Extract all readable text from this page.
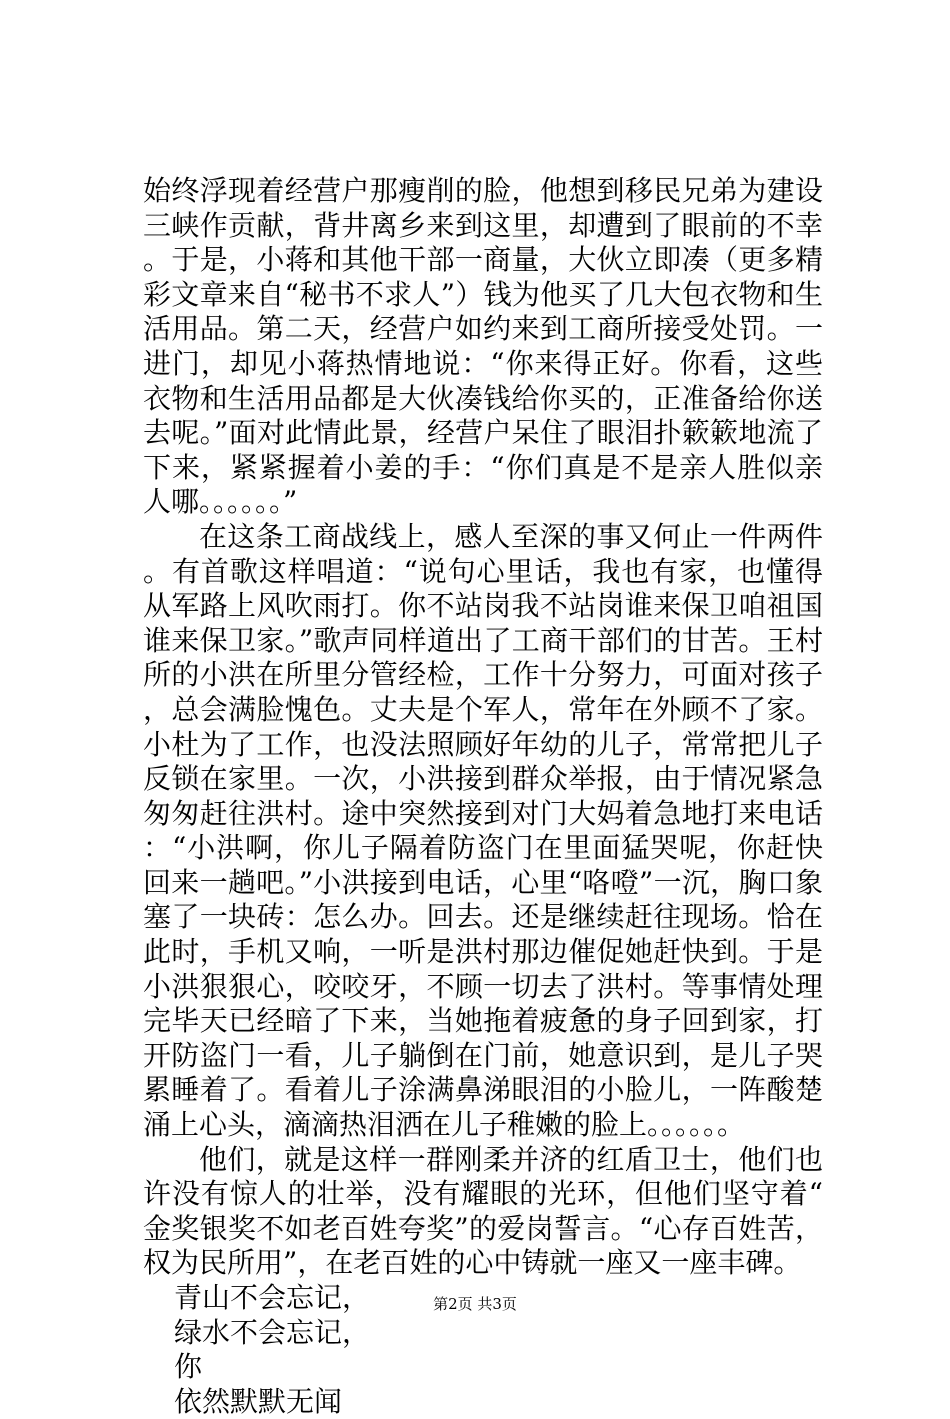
始终浮现着经营户那瘦削的脸，他想到移民兄弟为建设三峡作贡献，背井离乡来到这里，却遭到了眼前的不幸。于是，小蒋和其他干部一商量，大伙立即凑（更多精彩文章来自“秘书不求人”）钱为他买了几大包衣物和生活用品。第二天，经营户如约来到工商所接受处罚。一进门，却见小蒋热情地说：“你来得正好。你看，这些衣物和生活用品都是大伙凑钱给你买的，正准备给你送去呢。”面对此情此景，经营户呆住了眼泪扑簌簌地流了下来，紧紧握着小姜的手：“你们真是不是亲人胜似亲人哪。。。。。。”

在这条工商战线上，感人至深的事又何止一件两件。有首歌这样唱道：“说句心里话，我也有家，也懂得从军路上风吹雨打。你不站岗我不站岗谁来保卫咱祖国谁来保卫家。”歌声同样道出了工商干部们的甘苦。王村所的小洪在所里分管经检，工作十分努力，可面对孩子，总会满脸愧色。丈夫是个军人，常年在外顾不了家。小杜为了工作，也没法照顾好年幼的儿子，常常把儿子反锁在家里。一次，小洪接到群众举报，由于情况紧急匆匆赶往洪村。途中突然接到对门大妈着急地打来电话：“小洪啊，你儿子隔着防盗门在里面猛哭呢，你赶快回来一趟吧。”小洪接到电话，心里“咯噔”一沉，胸口象塞了一块砖：怎么办。回去。还是继续赶往现场。恰在此时，手机又响，一听是洪村那边催促她赶快到。于是小洪狠狠心，咬咬牙，不顾一切去了洪村。等事情处理完毕天已经暗了下来，当她拖着疲惫的身子回到家，打开防盗门一看，儿子躺倒在门前，她意识到，是儿子哭累睡着了。看着儿子涂满鼻涕眼泪的小脸儿，一阵酸楚涌上心头，滴滴热泪洒在儿子稚嫩的脸上。。。。。。

他们，就是这样一群刚柔并济的红盾卫士，他们也许没有惊人的壮举，没有耀眼的光环，但他们坚守着“金奖银奖不如老百姓夸奖”的爱岗誓言。“心存百姓苦，权为民所用”，在老百姓的心中铸就一座又一座丰碑。

青山不会忘记，
绿水不会忘记，
你
依然默默无闻
第2页 共3页
